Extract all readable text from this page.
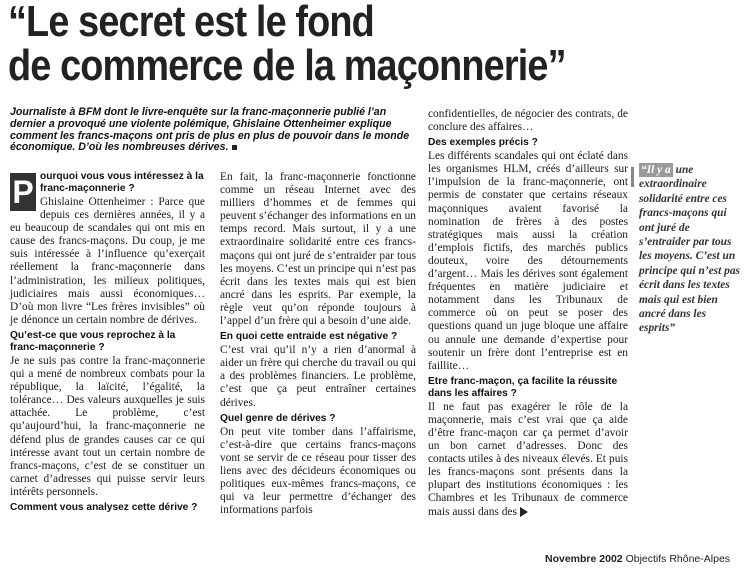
“Le secret est le fond
de commerce de la maçonnerie”
Journaliste à BFM dont le livre-enquête sur la franc-maçonnerie publié l’an dernier a provoqué une violente polémique, Ghislaine Ottenheimer explique comment les francs-maçons ont pris de plus en plus de pouvoir dans le monde économique. D’où les nombreuses dérives.
P ourquoi vous vous intéressez à la franc-maçonnerie ?

Ghislaine Ottenheimer : Parce que depuis ces dernières années, il y a eu beaucoup de scandales qui ont mis en cause des francs-maçons. Du coup, je me suis intéressée à l’influence qu’exerçait réellement la franc-maçonnerie dans l’administration, les milieux politiques, judiciaires mais aussi économiques… D’où mon livre “Les frères invisibles” où je dénonce un certain nombre de dérives.

Qu’est-ce que vous reprochez à la franc-maçonnerie ?

Je ne suis pas contre la franc-maçonnerie qui a mené de nombreux combats pour la république, la laïcité, l’égalité, la tolérance… Des valeurs auxquelles je suis attachée. Le problème, c’est qu’aujourd’hui, la franc-maçonnerie ne défend plus de grandes causes car ce qui intéresse avant tout un certain nombre de francs-maçons, c’est de se constituer un carnet d’adresses qui puisse servir leurs intérêts personnels.

Comment vous analysez cette dérive ?

En fait, la franc-maçonnerie fonctionne comme un réseau Internet avec des milliers d’hommes et de femmes qui peuvent s’échanger des informations en un temps record. Mais surtout, il y a une extraordinaire solidarité entre ces francs-maçons qui ont juré de s’entraider par tous les moyens. C’est un principe qui n’est pas écrit dans les textes mais qui est bien ancré dans les esprits. Par exemple, la règle veut qu’on réponde toujours à l’appel d’un frère qui a besoin d’une aide.

En quoi cette entraide est négative ?

C’est vrai qu’il n’y a rien d’anormal à aider un frère qui cherche du travail ou qui a des problèmes financiers. Le problème, c’est que ça peut entraîner certaines dérives.

Quel genre de dérives ?

On peut vite tomber dans l’affairisme, c’est-à-dire que certains francs-maçons vont se servir de ce réseau pour tisser des liens avec des décideurs économiques ou politiques eux-mêmes francs-maçons, ce qui va leur permettre d’échanger des informations parfois

confidentielles, de négocier des contrats, de conclure des affaires…

Des exemples précis ?

Les différents scandales qui ont éclaté dans les organismes HLM, créés d’ailleurs sur l’impulsion de la franc-maçonnerie, ont permis de constater que certains réseaux maçonniques avaient favorisé la nomination de frères à des postes stratégiques mais aussi la création d’emplois fictifs, des marchés publics douteux, voire des détournements d’argent… Mais les dérives sont également fréquentes en matière judiciaire et notamment dans les Tribunaux de commerce où on peut se poser des questions quand un juge bloque une affaire ou annule une demande d’expertise pour soutenir un frère dont l’entreprise est en faillite…

Etre franc-maçon, ça facilite la réussite dans les affaires ?

Il ne faut pas exagérer le rôle de la maçonnerie, mais c’est vrai que ça aide d’être franc-maçon car ça permet d’avoir un bon carnet d’adresses. Donc des contacts utiles à des niveaux élevés. Et puis les francs-maçons sont présents dans la plupart des institutions économiques : les Chambres et les Tribunaux de commerce mais aussi dans des

“Il y a une extraordinaire solidarité entre ces francs-maçons qui ont juré de s’entraider par tous les moyens. C’est un principe qui n’est pas écrit dans les textes mais qui est bien ancré dans les esprits”
Novembre 2002 Objectifs Rhône-Alpes
